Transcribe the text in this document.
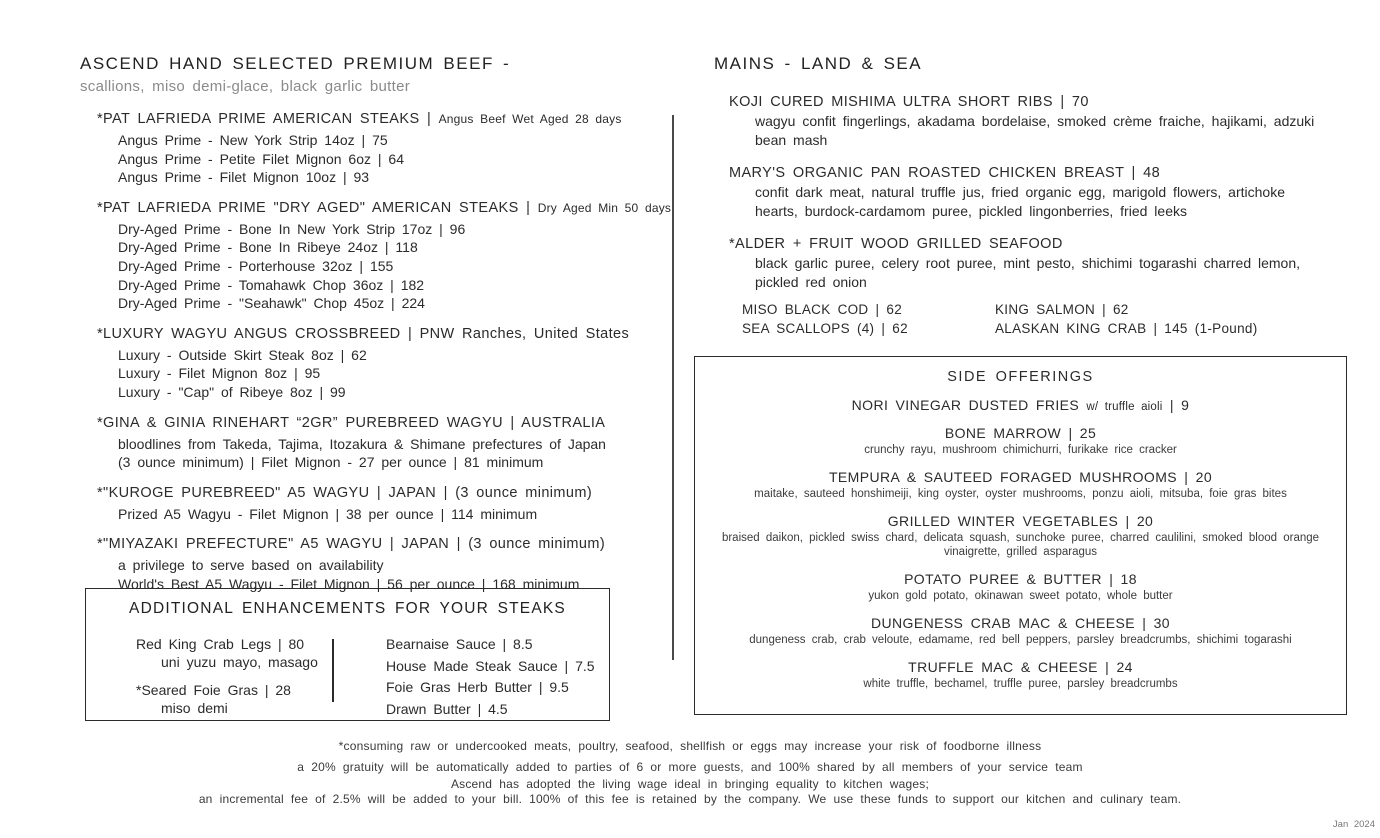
ASCEND HAND SELECTED PREMIUM BEEF -

scallions, miso demi-glace, black garlic butter

*PAT LAFRIEDA PRIME AMERICAN STEAKS | Angus Beef Wet Aged 28 days

Angus Prime - New York Strip 14oz | 75
Angus Prime - Petite Filet Mignon 6oz | 64
Angus Prime - Filet Mignon 10oz | 93

*PAT LAFRIEDA PRIME "DRY AGED" AMERICAN STEAKS | Dry Aged Min 50 days

Dry-Aged Prime - Bone In New York Strip 17oz | 96
Dry-Aged Prime - Bone In Ribeye 24oz | 118
Dry-Aged Prime - Porterhouse 32oz | 155
Dry-Aged Prime - Tomahawk Chop 36oz | 182
Dry-Aged Prime - "Seahawk" Chop 45oz | 224

*LUXURY WAGYU ANGUS CROSSBREED | PNW Ranches, United States

Luxury - Outside Skirt Steak 8oz | 62
Luxury - Filet Mignon 8oz | 95
Luxury - "Cap" of Ribeye 8oz | 99

*GINA & GINIA RINEHART “2GR” PUREBREED WAGYU | AUSTRALIA

bloodlines from Takeda, Tajima, Itozakura & Shimane prefectures of Japan
(3 ounce minimum) | Filet Mignon - 27 per ounce | 81 minimum

*"KUROGE PUREBREED" A5 WAGYU | JAPAN | (3 ounce minimum)

Prized A5 Wagyu - Filet Mignon | 38 per ounce | 114 minimum

*"MIYAZAKI PREFECTURE" A5 WAGYU | JAPAN | (3 ounce minimum)

a privilege to serve based on availability
World's Best A5 Wagyu - Filet Mignon | 56 per ounce | 168 minimum

ADDITIONAL ENHANCEMENTS FOR YOUR STEAKS

Red King Crab Legs | 80

uni yuzu mayo, masago

*Seared Foie Gras | 28

miso demi

Bearnaise Sauce | 8.5

House Made Steak Sauce | 7.5

Foie Gras Herb Butter | 9.5

Drawn Butter | 4.5

MAINS - LAND & SEA

KOJI CURED MISHIMA ULTRA SHORT RIBS | 70

wagyu confit fingerlings, akadama bordelaise, smoked crème fraiche, hajikami, adzuki bean mash

MARY'S ORGANIC PAN ROASTED CHICKEN BREAST | 48

confit dark meat, natural truffle jus, fried organic egg, marigold flowers, artichoke hearts, burdock-cardamom puree, pickled lingonberries, fried leeks

*ALDER + FRUIT WOOD GRILLED SEAFOOD

black garlic puree, celery root puree, mint pesto, shichimi togarashi charred lemon, pickled red onion

MISO BLACK COD | 62	KING SALMON | 62
SEA SCALLOPS (4) | 62	ALASKAN KING CRAB | 145 (1-Pound)

SIDE OFFERINGS

NORI VINEGAR DUSTED FRIES w/ truffle aioli | 9

BONE MARROW | 25

crunchy rayu, mushroom chimichurri, furikake rice cracker

TEMPURA & SAUTEED FORAGED MUSHROOMS | 20

maitake, sauteed honshimeiji, king oyster, oyster mushrooms, ponzu aioli, mitsuba, foie gras bites

GRILLED WINTER VEGETABLES | 20

braised daikon, pickled swiss chard, delicata squash, sunchoke puree, charred caulilini, smoked blood orange vinaigrette, grilled asparagus

POTATO PUREE & BUTTER | 18

yukon gold potato, okinawan sweet potato, whole butter

DUNGENESS CRAB MAC & CHEESE | 30

dungeness crab, crab veloute, edamame, red bell peppers, parsley breadcrumbs, shichimi togarashi

TRUFFLE MAC & CHEESE | 24

white truffle, bechamel, truffle puree, parsley breadcrumbs

*consuming raw or undercooked meats, poultry, seafood, shellfish or eggs may increase your risk of foodborne illness

a 20% gratuity will be automatically added to parties of 6 or more guests, and 100% shared by all members of your service team

Ascend has adopted the living wage ideal in bringing equality to kitchen wages;

an incremental fee of 2.5% will be added to your bill. 100% of this fee is retained by the company. We use these funds to support our kitchen and culinary team.

Jan 2024
